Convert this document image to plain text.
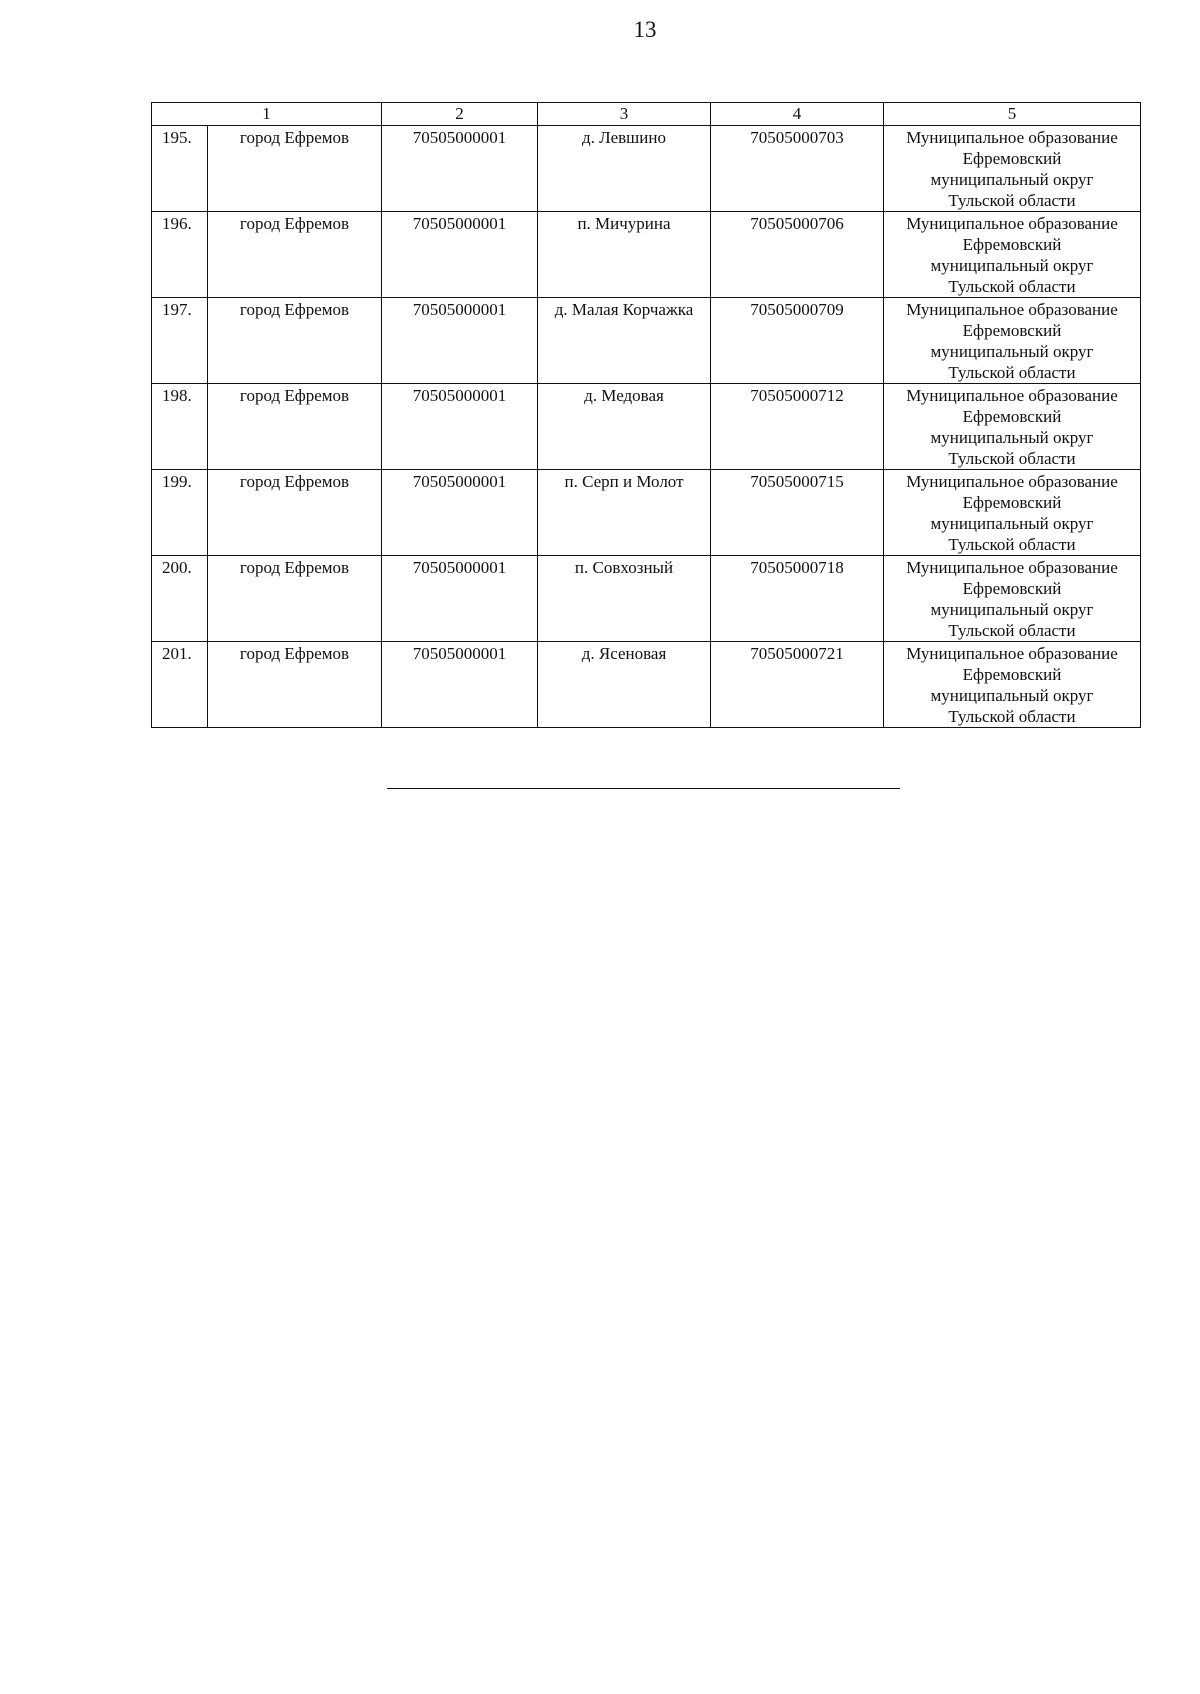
13
1		2	3	4	5
195.	город Ефремов	70505000001	д. Левшино	70505000703	Муниципальное образование
Ефремовский
муниципальный округ
Тульской области

196.	город Ефремов	70505000001	п. Мичурина	70505000706	Муниципальное образование
Ефремовский
муниципальный округ
Тульской области

197.	город Ефремов	70505000001	д. Малая Корчажка	70505000709	Муниципальное образование
Ефремовский
муниципальный округ
Тульской области

198.	город Ефремов	70505000001	д. Медовая	70505000712	Муниципальное образование
Ефремовский
муниципальный округ
Тульской области

199.	город Ефремов	70505000001	п. Серп и Молот	70505000715	Муниципальное образование
Ефремовский
муниципальный округ
Тульской области

200.	город Ефремов	70505000001	п. Совхозный	70505000718	Муниципальное образование
Ефремовский
муниципальный округ
Тульской области

201.	город Ефремов	70505000001	д. Ясеновая	70505000721	Муниципальное образование
Ефремовский
муниципальный округ
Тульской области
